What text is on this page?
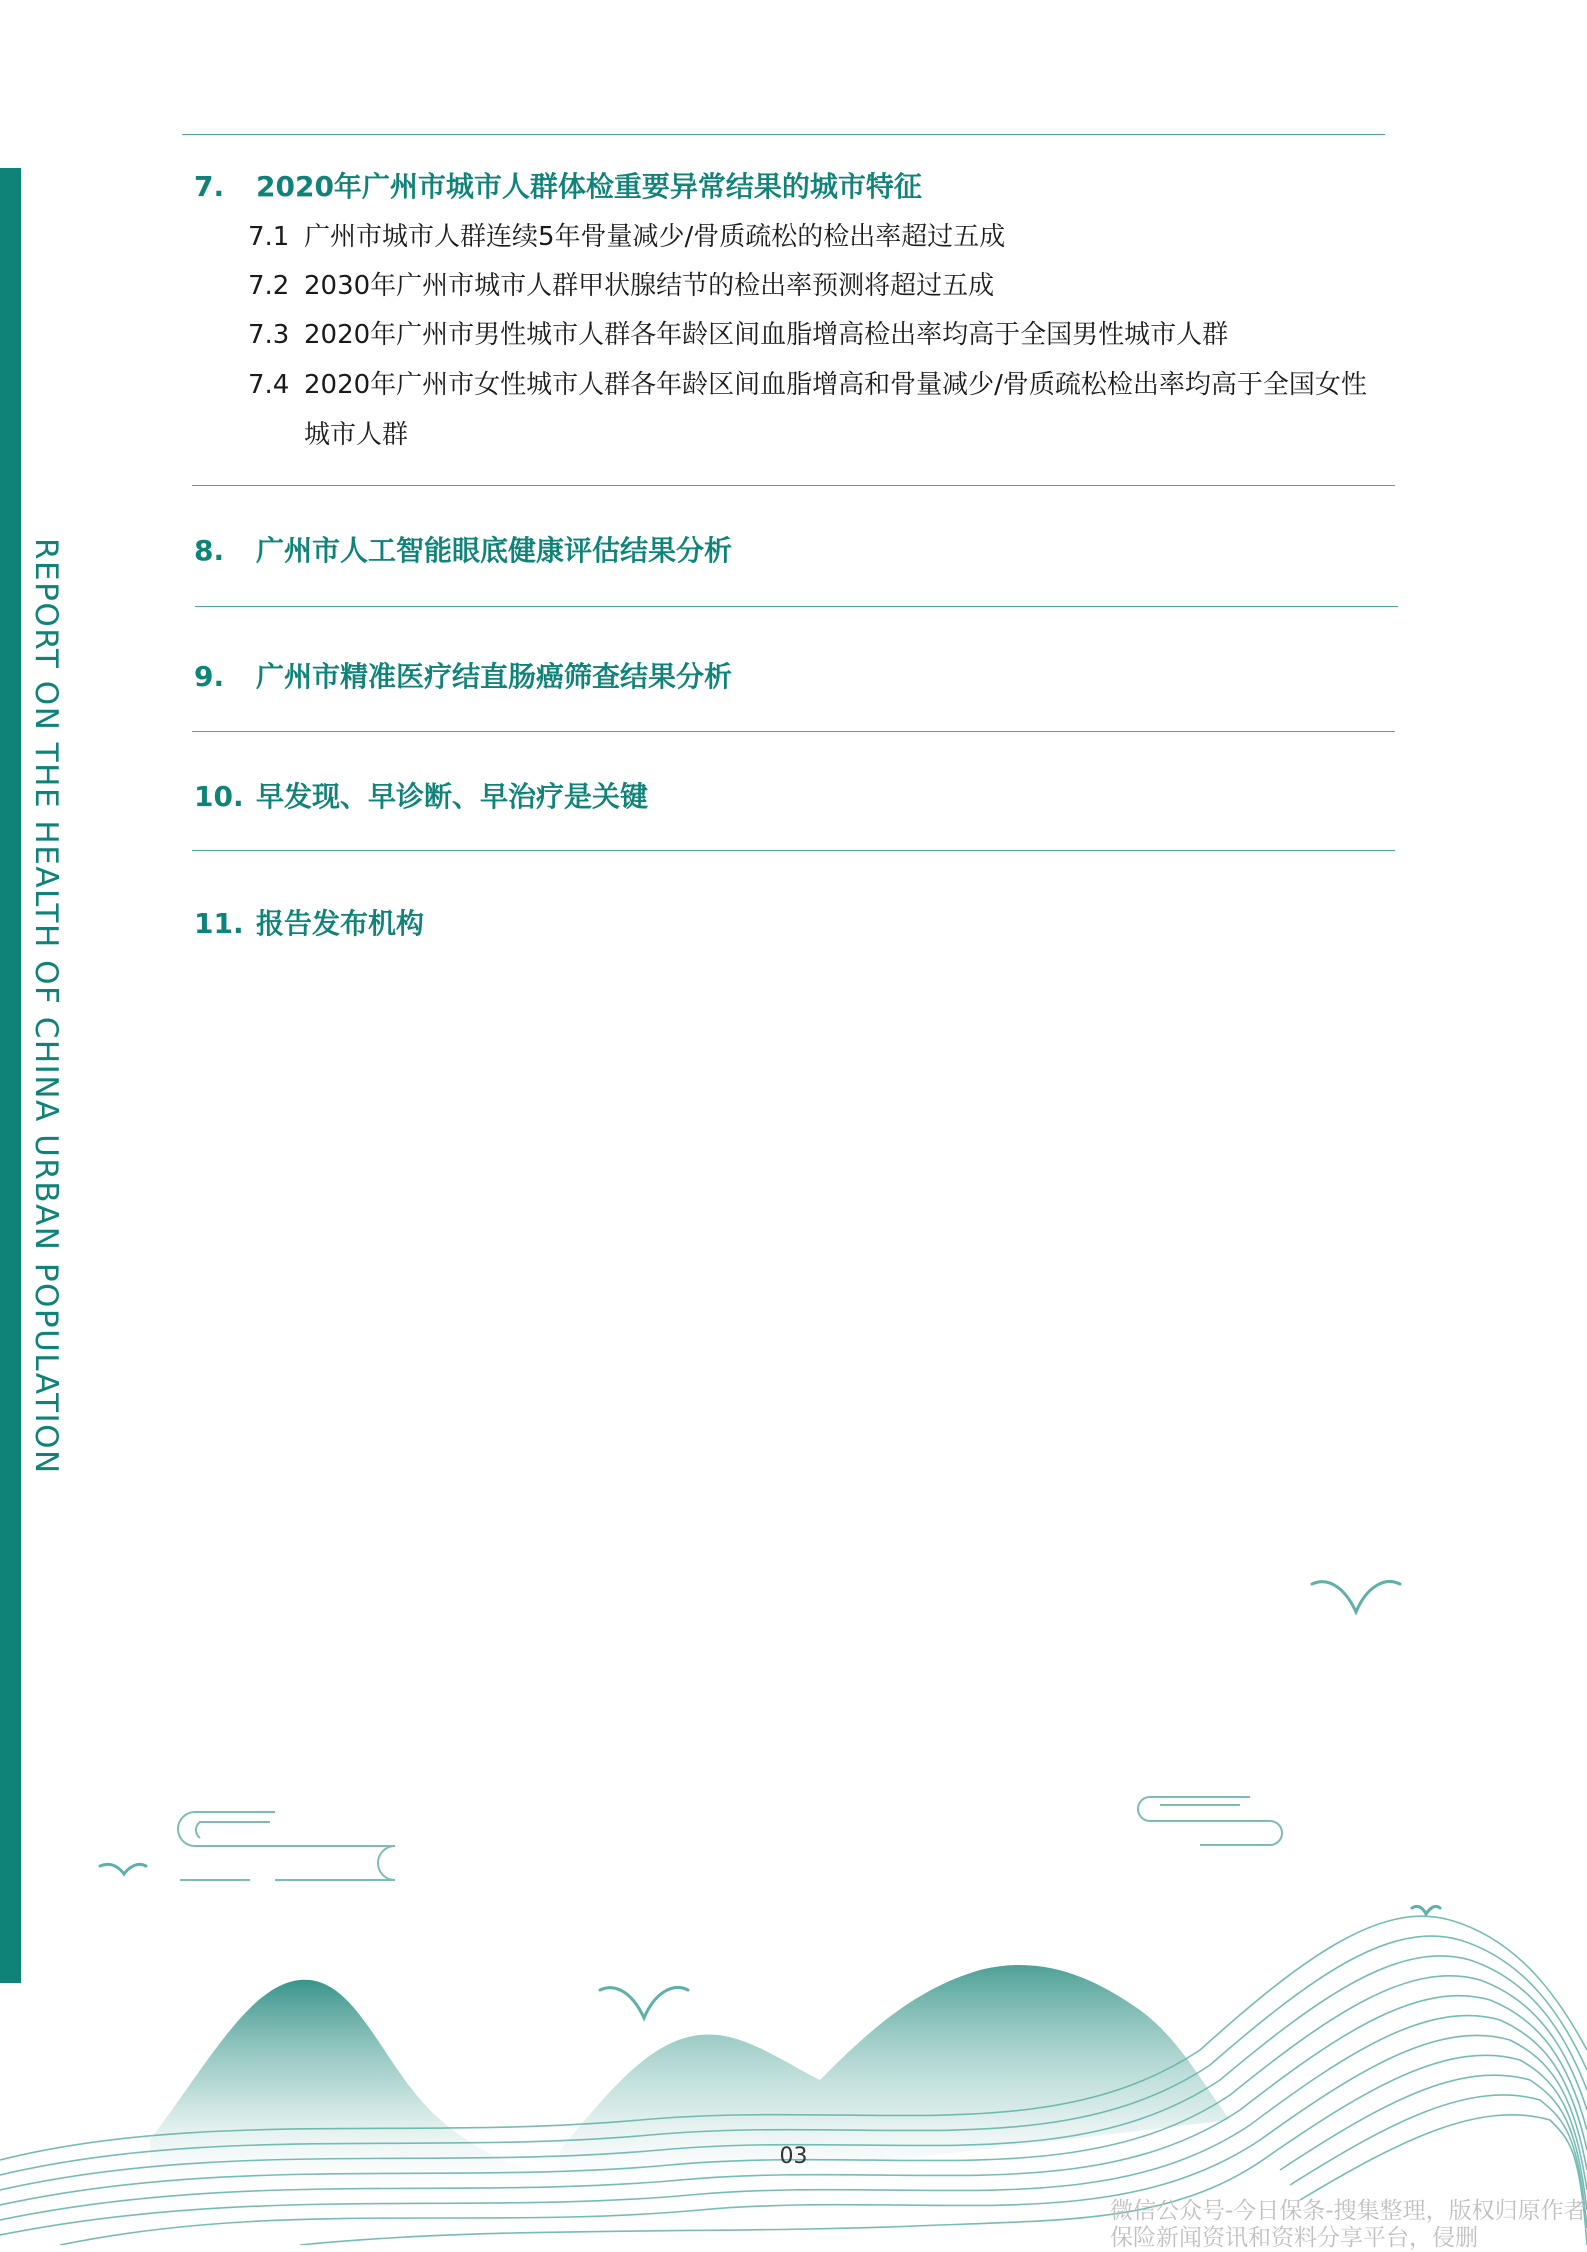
REPORT ON THE HEALTH OF CHINA URBAN POPULATION
7. 2020年广州市城市人群体检重要异常结果的城市特征
7.1 广州市城市人群连续5年骨量减少/骨质疏松的检出率超过五成
7.2 2030年广州市城市人群甲状腺结节的检出率预测将超过五成
7.3 2020年广州市男性城市人群各年龄区间血脂增高检出率均高于全国男性城市人群
7.4 2020年广州市女性城市人群各年龄区间血脂增高和骨量减少/骨质疏松检出率均高于全国女性
城市人群
8. 广州市人工智能眼底健康评估结果分析
9. 广州市精准医疗结直肠癌筛查结果分析
10. 早发现、早诊断、早治疗是关键
11. 报告发布机构
03
微信公众号-今日保条-搜集整理，版权归原作者
保险新闻资讯和资料分享平台，侵删
